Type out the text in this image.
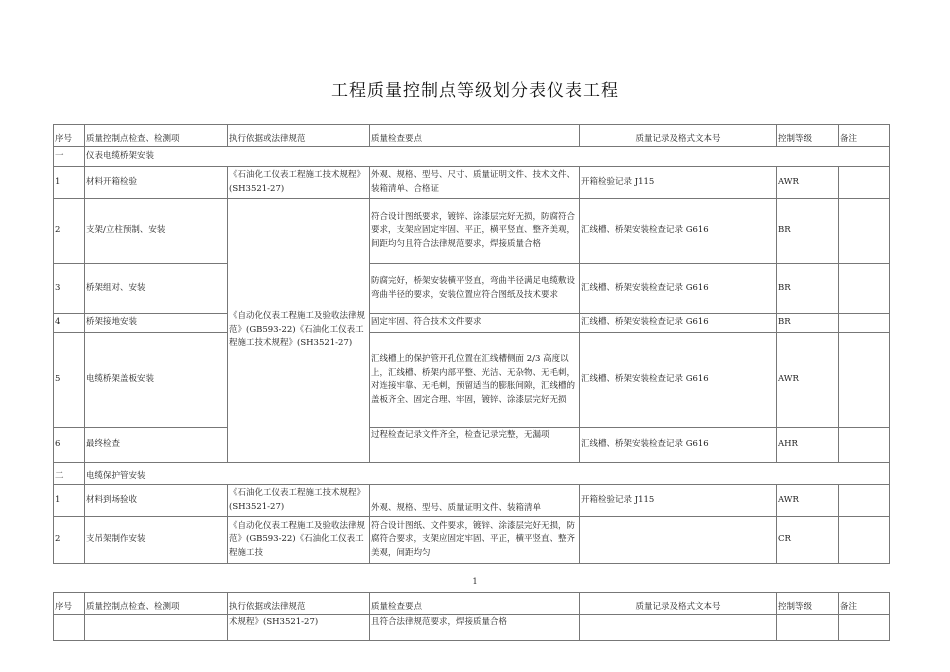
工程质量控制点等级划分表仪表工程
序号	质量控制点检查、检测项	执行依据或法律规范	质量检查要点	质量记录及格式文本号	控制等级	备注
一	仪表电缆桥架安装					
1	材料开箱检验	《石油化工仪表工程施工技术规程》(SH3521-27)	外观、规格、型号、尺寸、质量证明文件、技术文件、装箱清单、合格证	开箱检验记录 J115	AWR	
2	支架/立柱预制、安装	《自动化仪表工程施工及验收法律规范》(GB593-22)《石油化工仪表工程施工技术规程》(SH3521-27)	符合设计图纸要求，镀锌、涂漆层完好无损，防腐符合要求，支架应固定牢固、平正，横平竖直、整齐美观，间距均匀且符合法律规范要求，焊接质量合格	汇线槽、桥架安装检查记录 G616	BR	
3	桥架组对、安装		防腐完好，桥架安装横平竖直，弯曲半径满足电缆敷设弯曲半径的要求，安装位置应符合图纸及技术要求	汇线槽、桥架安装检查记录 G616	BR	
4	桥架接地安装		固定牢固、符合技术文件要求	汇线槽、桥架安装检查记录 G616	BR	
5	电缆桥架盖板安装		汇线槽上的保护管开孔位置在汇线槽侧面 2/3 高度以上，汇线槽、桥架内部平整、光洁、无杂物、无毛刺，对连接牢靠、无毛刺，预留适当的膨胀间隙，汇线槽的盖板齐全、固定合理、牢固，镀锌、涂漆层完好无损	汇线槽、桥架安装检查记录 G616	AWR	
6	最终检查		过程检查记录文件齐全，检查记录完整，无漏项	汇线槽、桥架安装检查记录 G616	AHR	
二	电缆保护管安装					
1	材料到场验收	《石油化工仪表工程施工技术规程》(SH3521-27)	外观、规格、型号、质量证明文件、装箱清单	开箱检验记录 J115	AWR	
2	支吊架制作安装	《自动化仪表工程施工及验收法律规范》(GB593-22)《石油化工仪表工程施工技	符合设计图纸、文件要求，镀锌、涂漆层完好无损，防腐符合要求，支架应固定牢固、平正，横平竖直、整齐美观，间距均匀		CR	
1
序号	质量控制点检查、检测项	执行依据或法律规范	质量检查要点	质量记录及格式文本号	控制等级	备注
		术规程》(SH3521-27)	且符合法律规范要求，焊接质量合格			
